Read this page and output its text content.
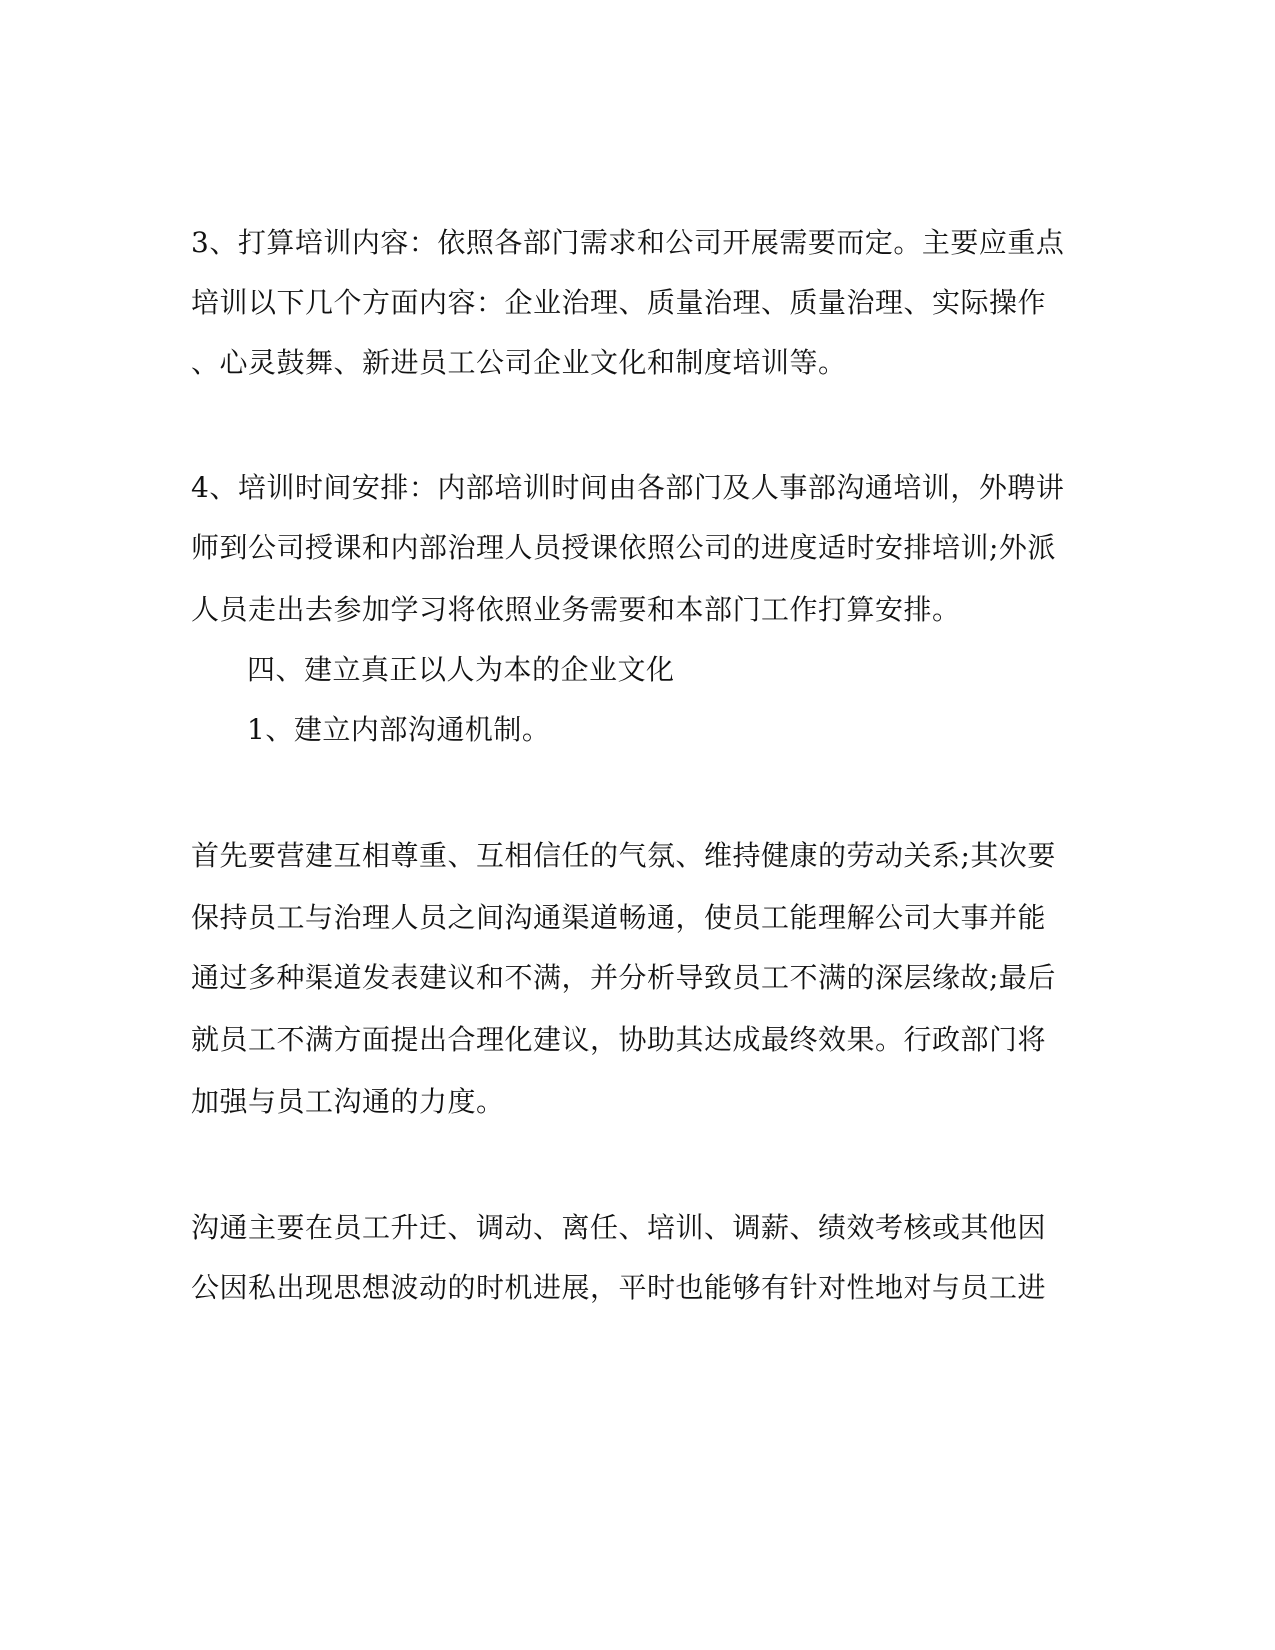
3、打算培训内容：依照各部门需求和公司开展需要而定。主要应重点
培训以下几个方面内容：企业治理、质量治理、质量治理、实际操作
、心灵鼓舞、新进员工公司企业文化和制度培训等。
4、培训时间安排：内部培训时间由各部门及人事部沟通培训，外聘讲
师到公司授课和内部治理人员授课依照公司的进度适时安排培训;外派
人员走出去参加学习将依照业务需要和本部门工作打算安排。
四、建立真正以人为本的企业文化
1、建立内部沟通机制。
首先要营建互相尊重、互相信任的气氛、维持健康的劳动关系;其次要
保持员工与治理人员之间沟通渠道畅通，使员工能理解公司大事并能
通过多种渠道发表建议和不满，并分析导致员工不满的深层缘故;最后
就员工不满方面提出合理化建议，协助其达成最终效果。行政部门将
加强与员工沟通的力度。
沟通主要在员工升迁、调动、离任、培训、调薪、绩效考核或其他因
公因私出现思想波动的时机进展，平时也能够有针对性地对与员工进
